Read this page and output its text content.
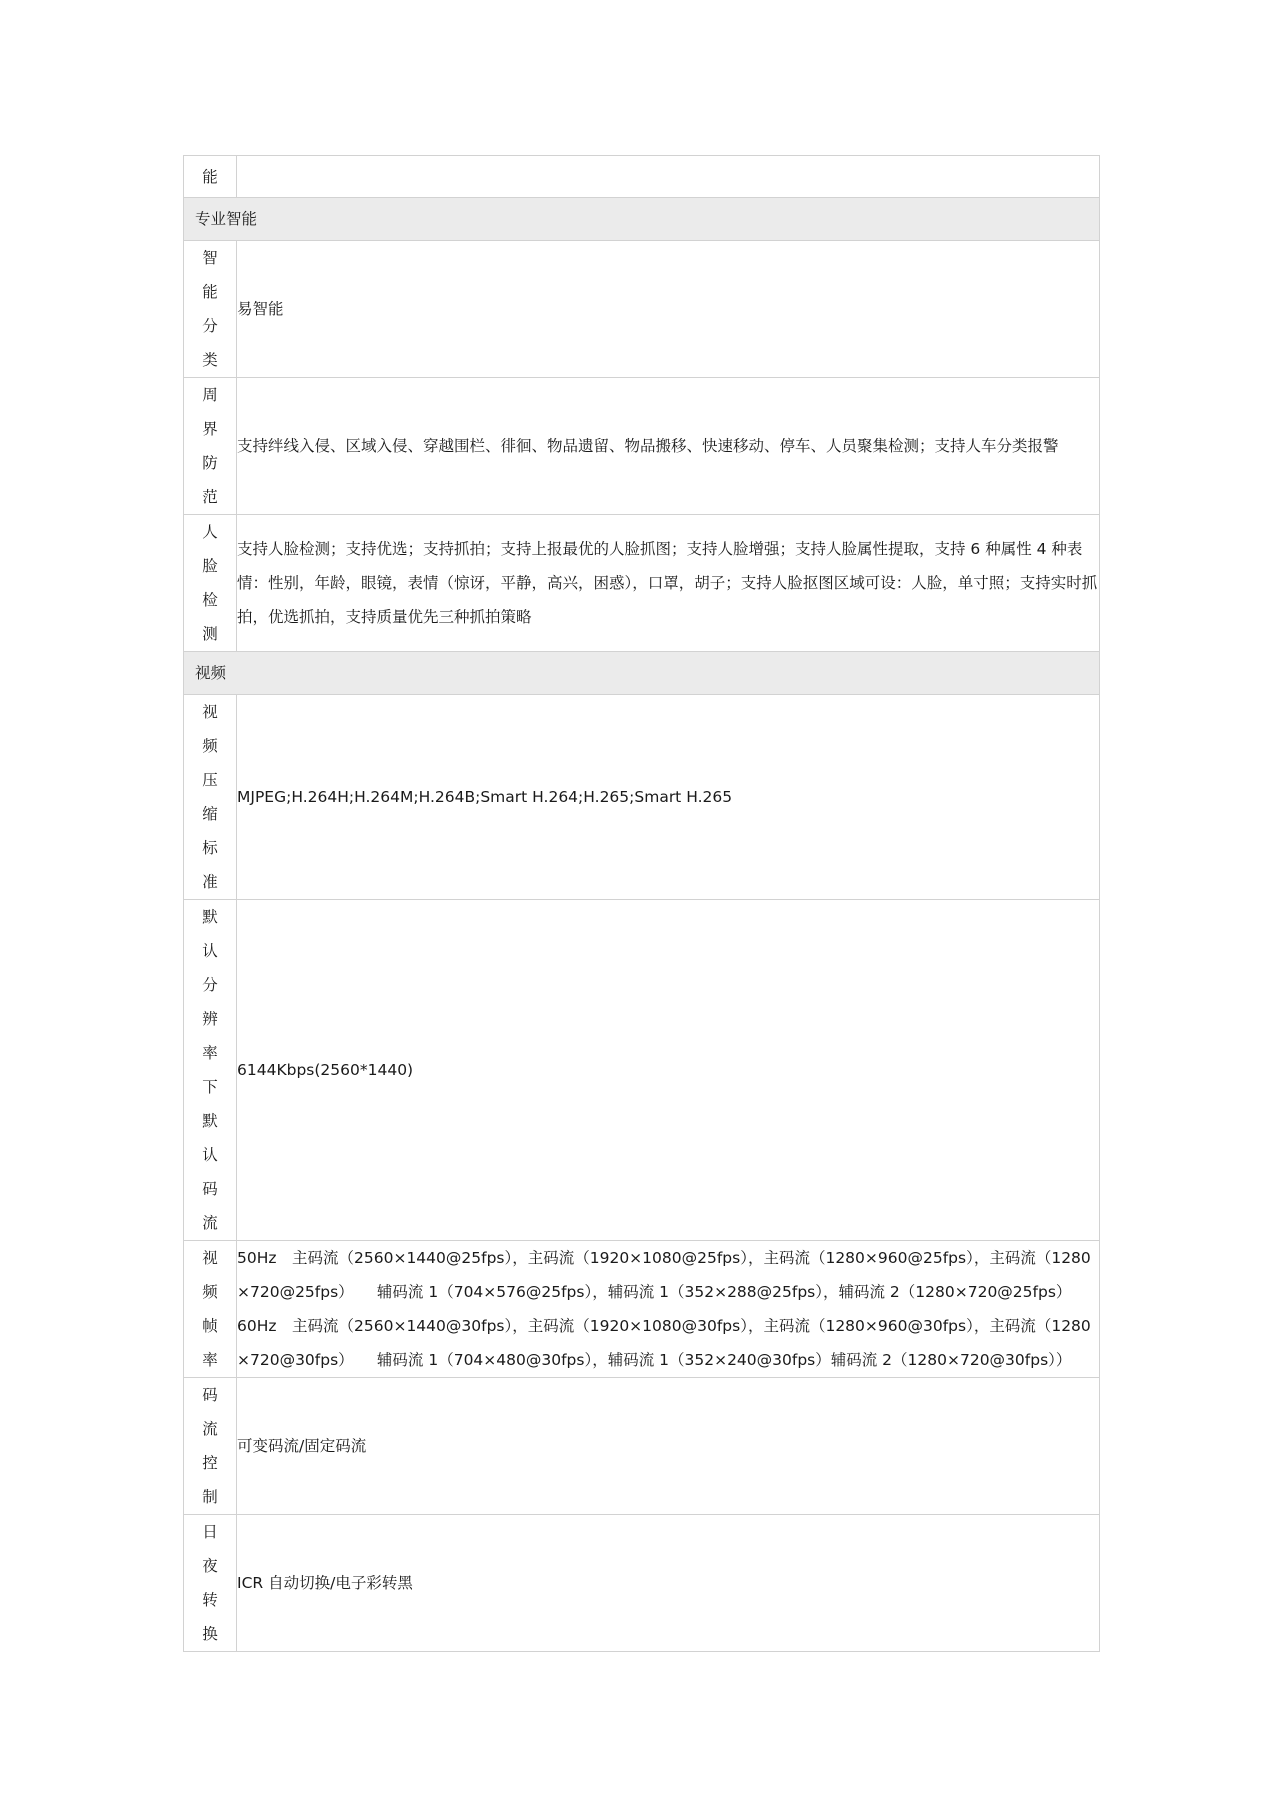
能	

专业智能	
智能分类	易智能

周界防范	支持绊线入侵、区域入侵、穿越围栏、徘徊、物品遗留、物品搬移、快速移动、停车、人员聚集检测；支持人车分类报警

人脸检测	支持人脸检测；支持优选；支持抓拍；支持上报最优的人脸抓图；支持人脸增强；支持人脸属性提取，支持 6 种属性 4 种表情：性别，年龄，眼镜，表情（惊讶，平静，高兴，困惑），口罩，胡子；支持人脸抠图区域可设：人脸，单寸照；支持实时抓拍，优选抓拍，支持质量优先三种抓拍策略

视频	
视频压缩标准	MJPEG;H.264H;H.264M;H.264B;Smart H.264;H.265;Smart H.265

默认分辨率下默认码流	6144Kbps(2560*1440)

视频帧率	50Hz　主码流（2560×1440@25fps），主码流（1920×1080@25fps），主码流（1280×960@25fps），主码流（1280×720@25fps）　　辅码流 1（704×576@25fps），辅码流 1（352×288@25fps），辅码流 2（1280×720@25fps）
60Hz　主码流（2560×1440@30fps），主码流（1920×1080@30fps），主码流（1280×960@30fps），主码流（1280×720@30fps）　　辅码流 1（704×480@30fps），辅码流 1（352×240@30fps）辅码流 2（1280×720@30fps））

码流控制	可变码流/固定码流

日夜转换	ICR 自动切换/电子彩转黑
